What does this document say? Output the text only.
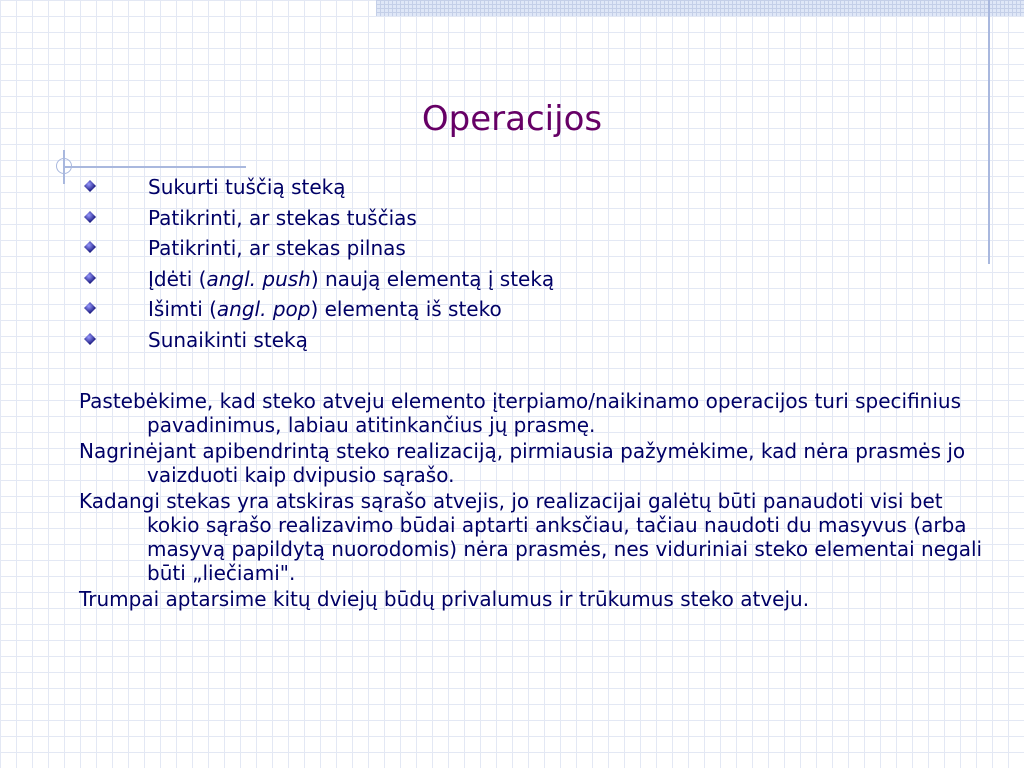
Operacijos
Sukurti tuščią steką
Patikrinti, ar stekas tuščias
Patikrinti, ar stekas pilnas
Įdėti (angl. push) naują elementą į steką
Išimti (angl. pop) elementą iš steko
Sunaikinti steką

Pastebėkime, kad steko atveju elemento įterpiamo/naikinamo operacijos turi specifinius pavadinimus, labiau atitinkančius jų prasmę.

Nagrinėjant apibendrintą steko realizaciją, pirmiausia pažymėkime, kad nėra prasmės jo vaizduoti kaip dvipusio sąrašo.

Kadangi stekas yra atskiras sąrašo atvejis, jo realizacijai galėtų būti panaudoti visi bet kokio sąrašo realizavimo būdai aptarti anksčiau, tačiau naudoti du masyvus (arba masyvą papildytą nuorodomis) nėra prasmės, nes viduriniai steko elementai negali būti „liečiami".

Trumpai aptarsime kitų dviejų būdų privalumus ir trūkumus steko atveju.
